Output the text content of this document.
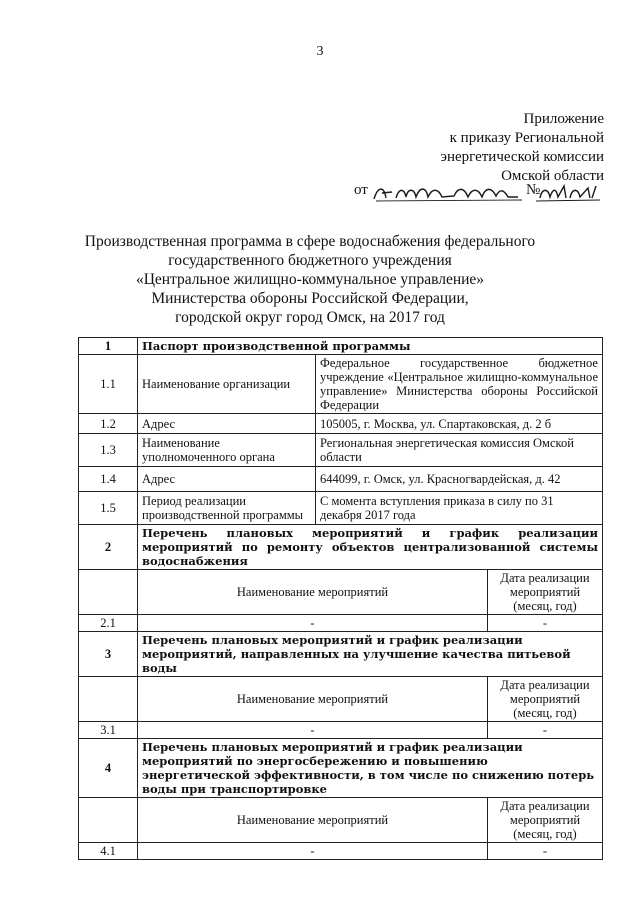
3
Приложение
к приказу Региональной
энергетической комиссии
Омской области
от	№
Производственная программа в сфере водоснабжения федерального
государственного бюджетного учреждения
«Центральное жилищно-коммунальное управление»
Министерства обороны Российской Федерации,
городской округ город Омск, на 2017 год
1	Паспорт производственной программы		
1.1	Наименование организации	Федеральное государственное бюджетное учреждение «Центральное жилищно-коммунальное управление» Министерства обороны Российской Федерации	
1.2	Адрес	105005, г. Москва, ул. Спартаковская, д. 2 б	
1.3	Наименование уполномоченного органа	Региональная энергетическая комиссия Омской области	
1.4	Адрес	644099, г. Омск, ул. Красногвардейская, д. 42	
1.5	Период реализации производственной программы	С момента вступления приказа в силу по 31 декабря 2017 года	
2	Перечень плановых мероприятий и график реализации мероприятий по ремонту объектов централизованной системы водоснабжения		
	Наименование мероприятий		Дата реализации мероприятий (месяц, год)
2.1	-		-
3	Перечень плановых мероприятий и график реализации мероприятий, направленных на улучшение качества питьевой воды		
	Наименование мероприятий		Дата реализации мероприятий (месяц, год)
3.1	-		-
4	Перечень плановых мероприятий и график реализации мероприятий по энергосбережению и повышению энергетической эффективности, в том числе по снижению потерь воды при транспортировке		
	Наименование мероприятий		Дата реализации мероприятий (месяц, год)
4.1	-		-
